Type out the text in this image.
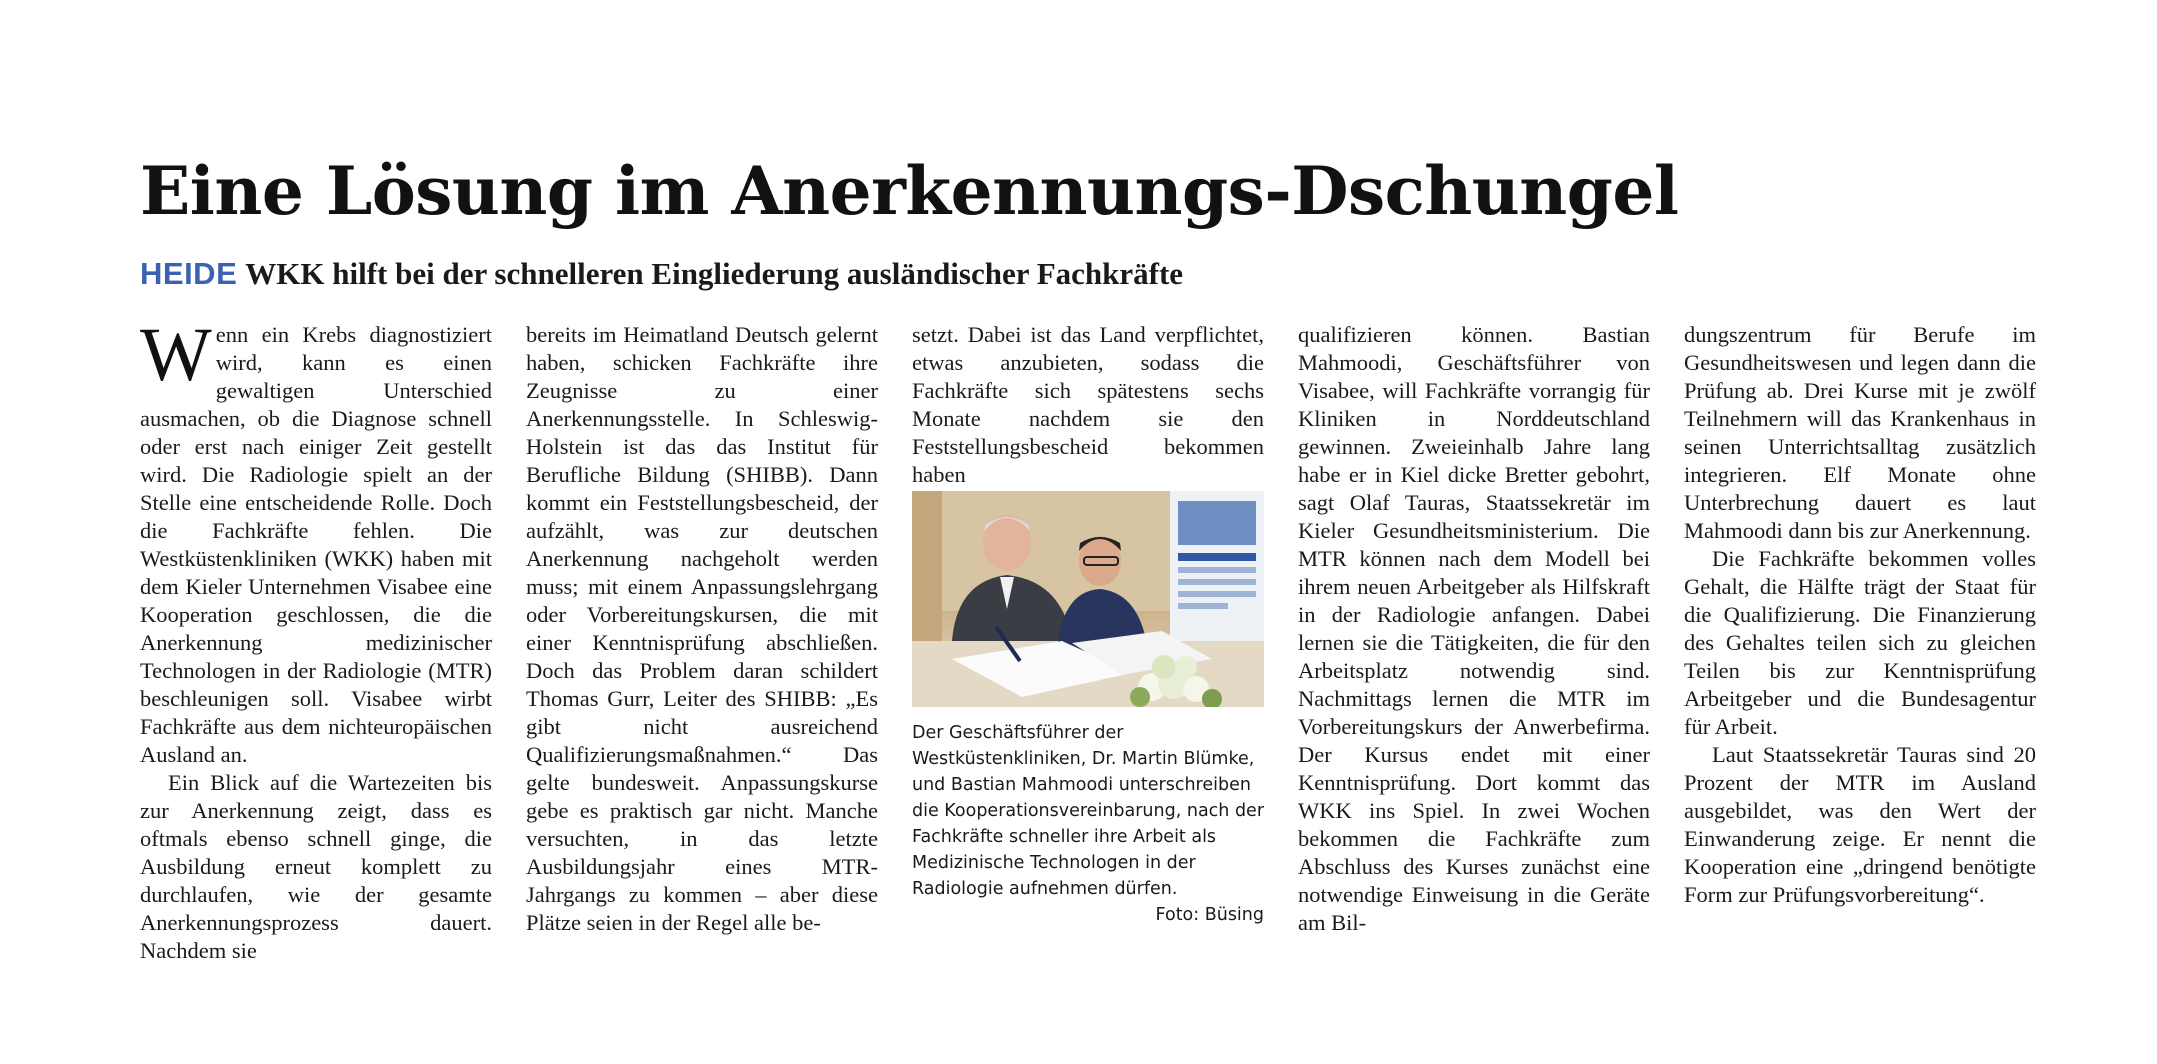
Eine Lösung im Anerkennungs-Dschungel
HEIDE WKK hilft bei der schnelleren Eingliederung ausländischer Fachkräfte

Wenn ein Krebs diagnostiziert wird, kann es einen gewaltigen Unterschied ausmachen, ob die Diagnose schnell oder erst nach einiger Zeit gestellt wird. Die Radiologie spielt an der Stelle eine entscheidende Rolle. Doch die Fachkräfte fehlen. Die Westküstenkliniken (WKK) haben mit dem Kieler Unternehmen Visabee eine Kooperation geschlossen, die die Anerkennung medizinischer Technologen in der Radiologie (MTR) beschleunigen soll. Visabee wirbt Fachkräfte aus dem nichteuropäischen Ausland an.

Ein Blick auf die Wartezeiten bis zur Anerkennung zeigt, dass es oftmals ebenso schnell ginge, die Ausbildung erneut komplett zu durchlaufen, wie der gesamte Anerkennungsprozess dauert. Nachdem sie

bereits im Heimatland Deutsch gelernt haben, schicken Fachkräfte ihre Zeugnisse zu einer Anerkennungsstelle. In Schleswig-Holstein ist das das Institut für Berufliche Bildung (SHIBB). Dann kommt ein Feststellungsbescheid, der aufzählt, was zur deutschen Anerkennung nachgeholt werden muss; mit einem Anpassungslehrgang oder Vorbereitungskursen, die mit einer Kenntnisprüfung abschließen. Doch das Problem daran schildert Thomas Gurr, Leiter des SHIBB: „Es gibt nicht ausreichend Qualifizierungsmaßnahmen.“ Das gelte bundesweit. Anpassungskurse gebe es praktisch gar nicht. Manche versuchten, in das letzte Ausbildungsjahr eines MTR-Jahrgangs zu kommen – aber diese Plätze seien in der Regel alle be-

setzt. Dabei ist das Land verpflichtet, etwas anzubieten, sodass die Fachkräfte sich spätestens sechs Monate nachdem sie den Feststellungsbescheid bekommen haben

Der Geschäftsführer der Westküstenkliniken, Dr. Martin Blümke, und Bastian Mahmoodi unterschreiben die Kooperationsvereinbarung, nach der Fachkräfte schneller ihre Arbeit als Medizinische Technologen in der Radiologie aufnehmen dürfen.
Foto: Büsing

qualifizieren können. Bastian Mahmoodi, Geschäftsführer von Visabee, will Fachkräfte vorrangig für Kliniken in Norddeutschland gewinnen. Zweieinhalb Jahre lang habe er in Kiel dicke Bretter gebohrt, sagt Olaf Tauras, Staatssekretär im Kieler Gesundheitsministerium. Die MTR können nach dem Modell bei ihrem neuen Arbeitgeber als Hilfskraft in der Radiologie anfangen. Dabei lernen sie die Tätigkeiten, die für den Arbeitsplatz notwendig sind. Nachmittags lernen die MTR im Vorbereitungskurs der Anwerbefirma. Der Kursus endet mit einer Kenntnisprüfung. Dort kommt das WKK ins Spiel. In zwei Wochen bekommen die Fachkräfte zum Abschluss des Kurses zunächst eine notwendige Einweisung in die Geräte am Bil-

dungszentrum für Berufe im Gesundheitswesen und legen dann die Prüfung ab. Drei Kurse mit je zwölf Teilnehmern will das Krankenhaus in seinen Unterrichtsalltag zusätzlich integrieren. Elf Monate ohne Unterbrechung dauert es laut Mahmoodi dann bis zur Anerkennung.

Die Fachkräfte bekommen volles Gehalt, die Hälfte trägt der Staat für die Qualifizierung. Die Finanzierung des Gehaltes teilen sich zu gleichen Teilen bis zur Kenntnisprüfung Arbeitgeber und die Bundesagentur für Arbeit.

Laut Staatssekretär Tauras sind 20 Prozent der MTR im Ausland ausgebildet, was den Wert der Einwanderung zeige. Er nennt die Kooperation eine „dringend benötigte Form zur Prüfungsvorbereitung“.
